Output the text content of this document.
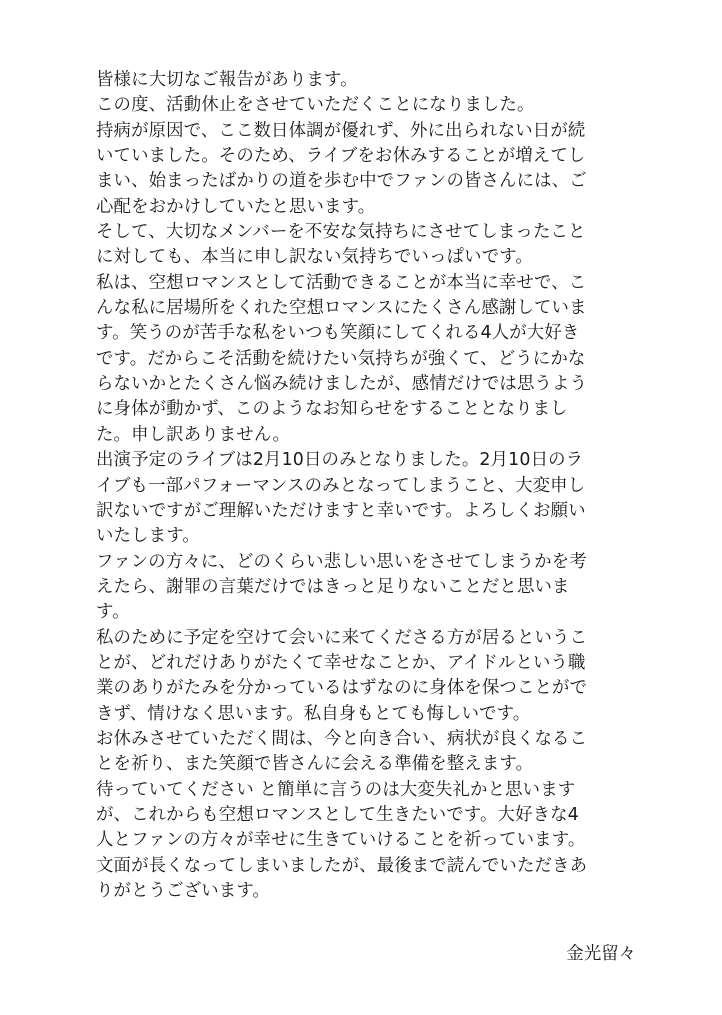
皆様に大切なご報告があります。
この度、活動休止をさせていただくことになりました。
持病が原因で、ここ数日体調が優れず、外に出られない日が続
いていました。そのため、ライブをお休みすることが増えてし
まい、始まったばかりの道を歩む中でファンの皆さんには、ご
心配をおかけしていたと思います。
そして、大切なメンバーを不安な気持ちにさせてしまったこと
に対しても、本当に申し訳ない気持ちでいっぱいです。
私は、空想ロマンスとして活動できることが本当に幸せで、こ
んな私に居場所をくれた空想ロマンスにたくさん感謝していま
す。笑うのが苦手な私をいつも笑顔にしてくれる4人が大好き
です。だからこそ活動を続けたい気持ちが強くて、どうにかな
らないかとたくさん悩み続けましたが、感情だけでは思うよう
に身体が動かず、このようなお知らせをすることとなりまし
た。申し訳ありません。
出演予定のライブは2月10日のみとなりました。2月10日のラ
イブも一部パフォーマンスのみとなってしまうこと、大変申し
訳ないですがご理解いただけますと幸いです。よろしくお願い
いたします。
ファンの方々に、どのくらい悲しい思いをさせてしまうかを考
えたら、謝罪の言葉だけではきっと足りないことだと思いま
す。
私のために予定を空けて会いに来てくださる方が居るというこ
とが、どれだけありがたくて幸せなことか、アイドルという職
業のありがたみを分かっているはずなのに身体を保つことがで
きず、情けなく思います。私自身もとても悔しいです。
お休みさせていただく間は、今と向き合い、病状が良くなるこ
とを祈り、また笑顔で皆さんに会える準備を整えます。
待っていてください と簡単に言うのは大変失礼かと思います
が、これからも空想ロマンスとして生きたいです。大好きな4
人とファンの方々が幸せに生きていけることを祈っています。
文面が長くなってしまいましたが、最後まで読んでいただきあ
りがとうございます。
金光留々
